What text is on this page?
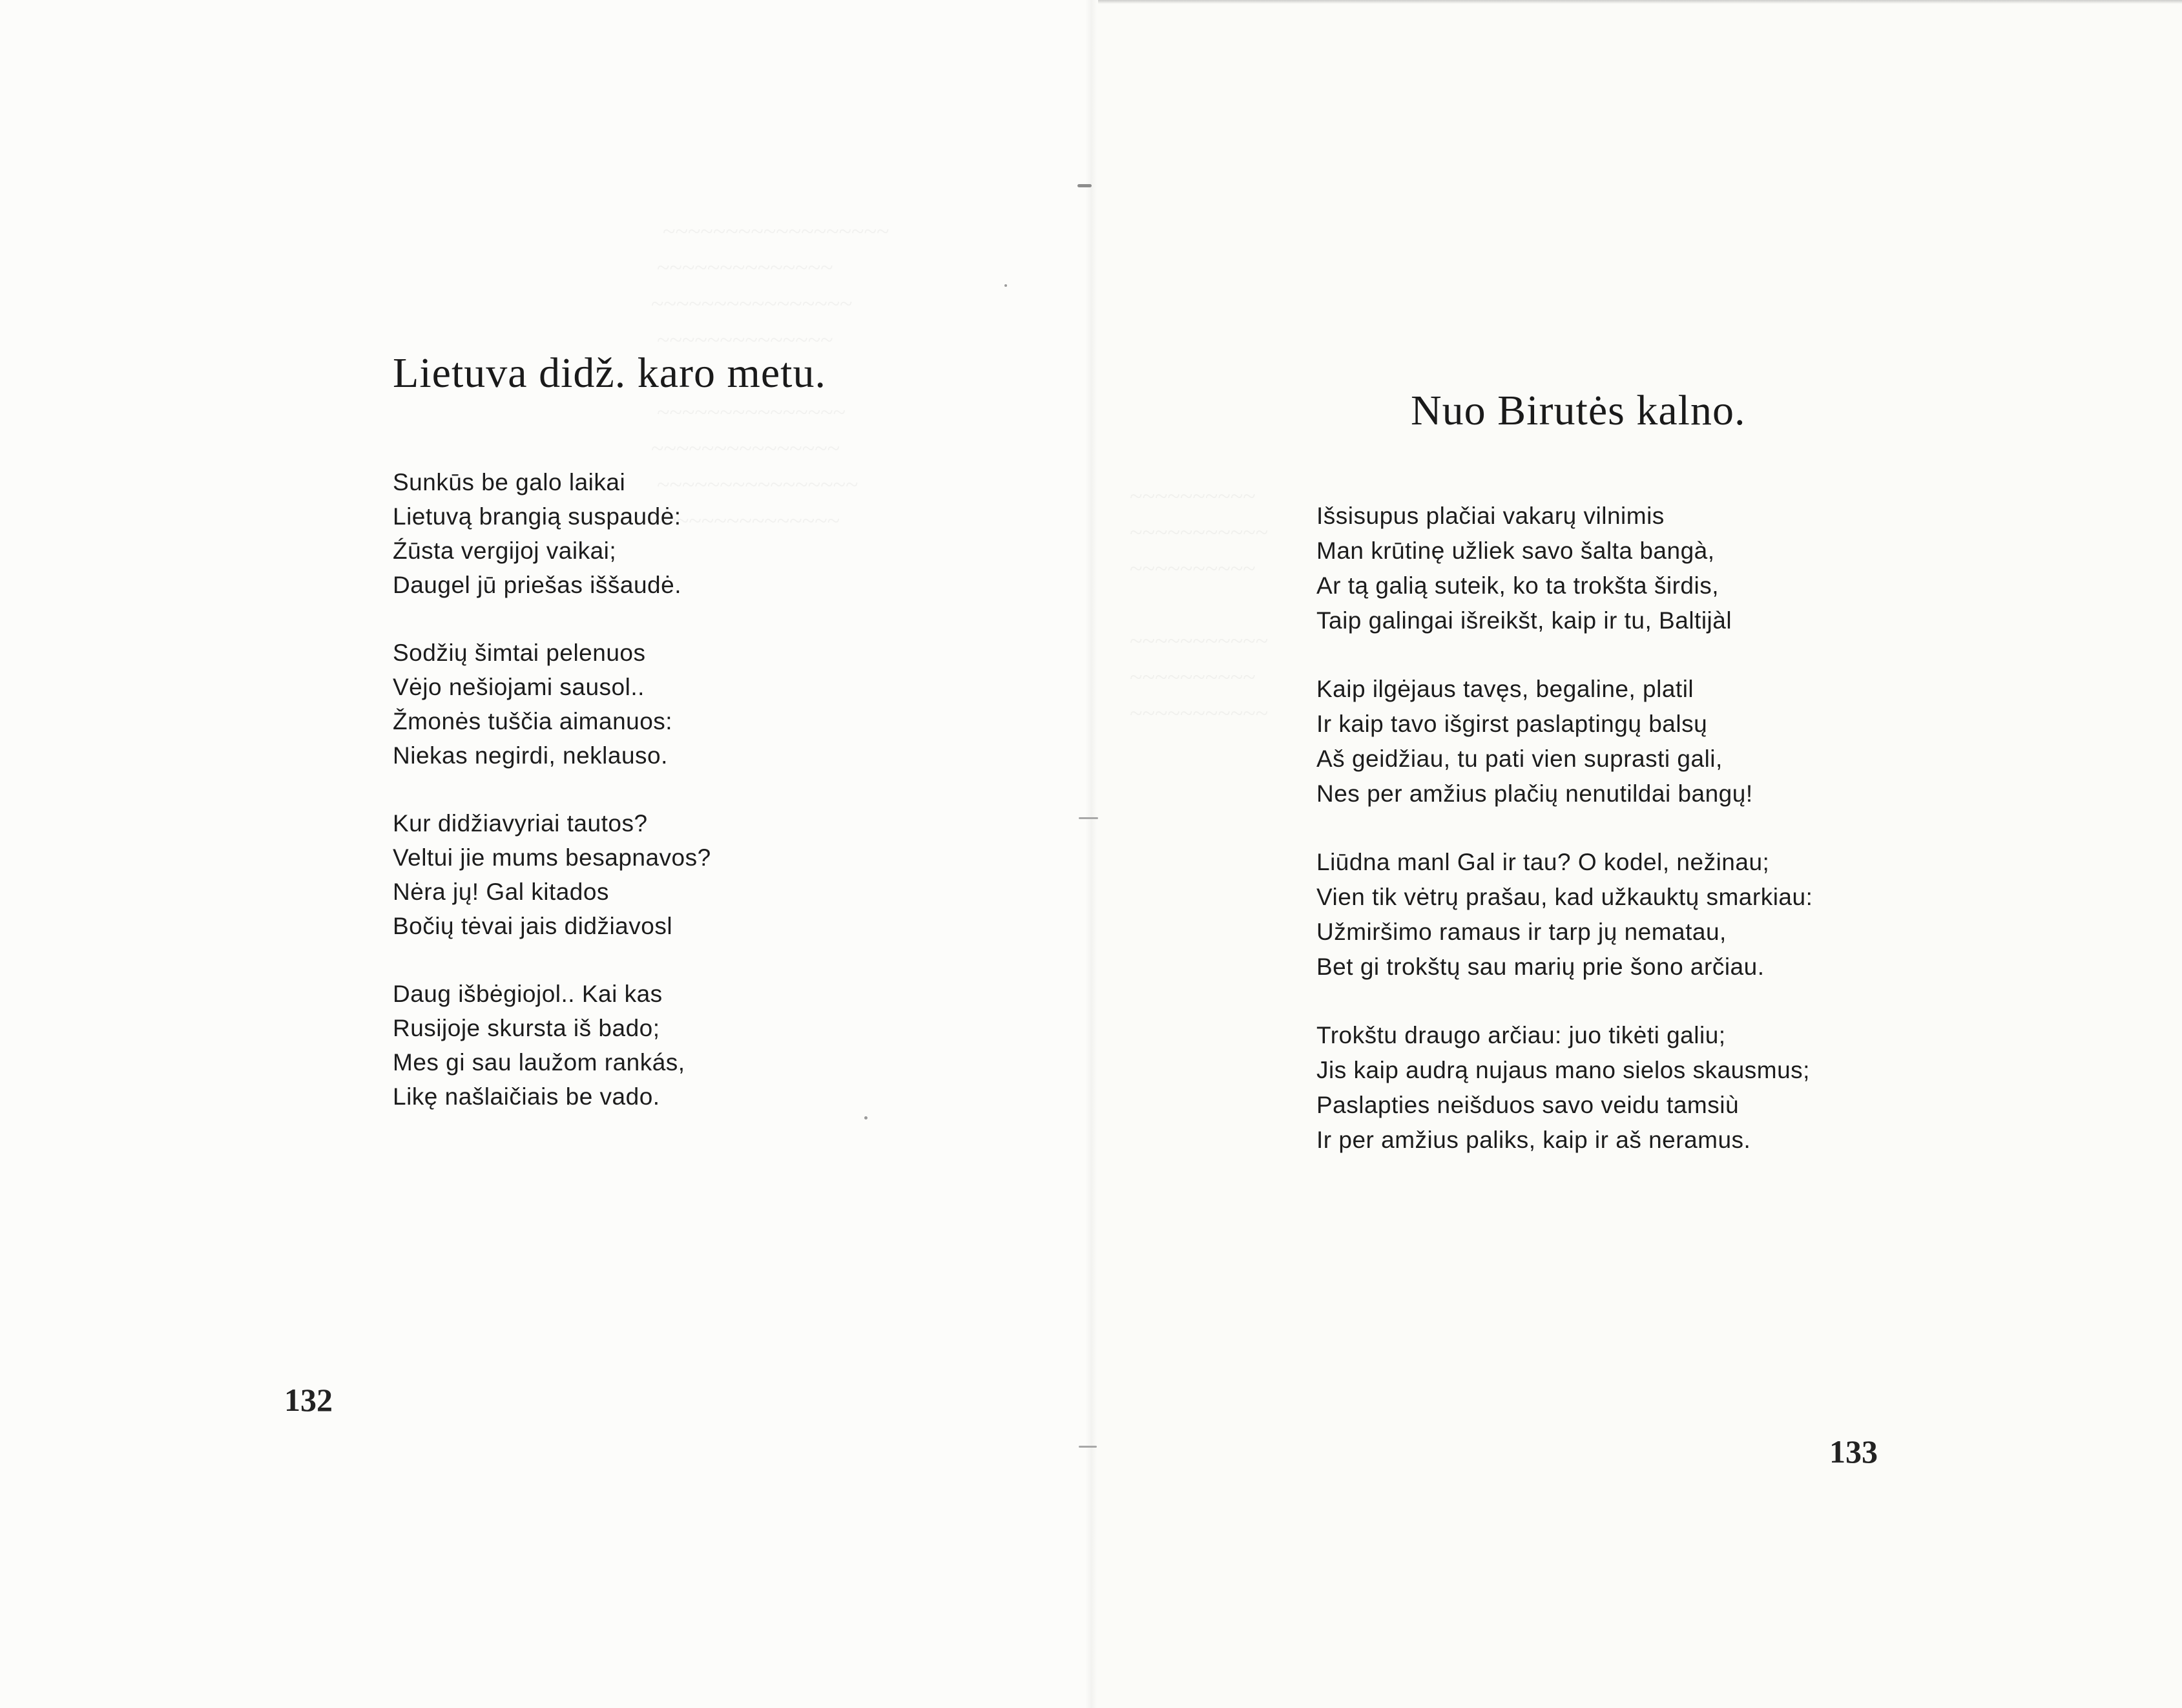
Lietuva didž. karo metu.

Sunkūs be galo laikai
Lietuvą brangią suspaudė:
Źūsta vergijoj vaikai;
Daugel jū priešas iššaudė.

Sodžių šimtai pelenuos
Vėjo nešiojami sausol..
Žmonės tuščia aimanuos:
Niekas negirdi, neklauso.

Kur didžiavyriai tautos?
Veltui jie mums besapnavos?
Nėra jų! Gal kitados
Bočių tėvai jais didžiavosl

Daug išbėgiojol.. Kai kas
Rusijoje skursta iš bado;
Mes gi sau laužom rankás,
Likę našlaičiais be vado.

132

Nuo Birutės kalno.

Išsisupus plačiai vakarų vilnimis
Man krūtinę užliek savo šalta bangà,
Ar tą galią suteik, ko ta trokšta širdis,
Taip galingai išreikšt, kaip ir tu, Baltijàl

Kaip ilgėjaus tavęs, begaline, platil
Ir kaip tavo išgirst paslaptingų balsų
Aš geidžiau, tu pati vien suprasti gali,
Nes per amžius plačių nenutildai bangų!

Liūdna manl Gal ir tau? O kodel, nežinau;
Vien tik vėtrų prašau, kad užkauktų smarkiau:
Užmiršimo ramaus ir tarp jų nematau,
Bet gi trokštų sau marių prie šono arčiau.

Trokštu draugo arčiau: juo tikėti galiu;
Jis kaip audrą nujaus mano sielos skausmus;
Paslapties neišduos savo veidu tamsiù
Ir per amžius paliks, kaip ir aš neramus.

133
